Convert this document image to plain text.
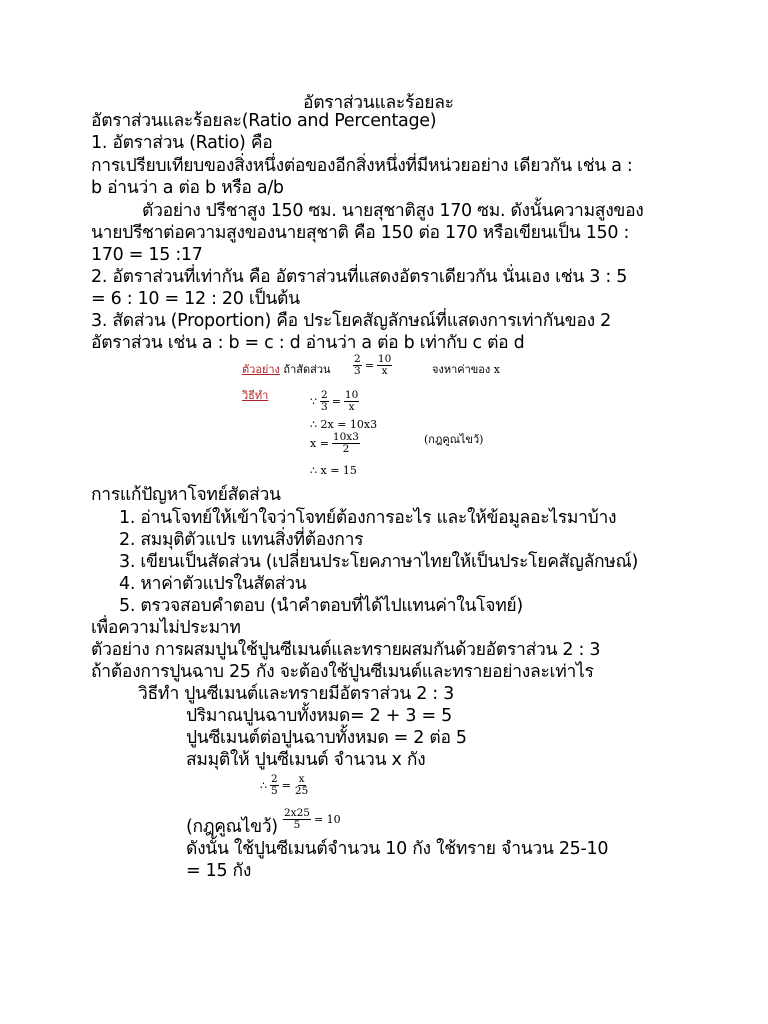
อัตราส่วนและร้อยละ
อัตราส่วนและร้อยละ(Ratio and Percentage)
1. อัตราส่วน (Ratio) คือ
การเปรียบเทียบของสิ่งหนึ่งต่อของอีกสิ่งหนึ่งที่มีหน่วยอย่าง เดียวกัน เช่น a :
b อ่านว่า a ต่อ b หรือ a/b
ตัวอย่าง ปรีชาสูง 150 ซม. นายสุชาติสูง 170 ซม. ดังนั้นความสูงของ
นายปรีชาต่อความสูงของนายสุชาติ คือ 150 ต่อ 170 หรือเขียนเป็น 150 :
170 = 15 :17
2. อัตราส่วนที่เท่ากัน คือ อัตราส่วนที่แสดงอัตราเดียวกัน นั่นเอง เช่น 3 : 5
= 6 : 10 = 12 : 20 เป็นต้น
3. สัดส่วน (Proportion) คือ ประโยคสัญลักษณ์ที่แสดงการเท่ากันของ 2
อัตราส่วน เช่น a : b = c : d อ่านว่า a ต่อ b เท่ากับ c ต่อ d
ตัวอย่าง ถ้าสัดส่วน $\frac{2}{3} = \frac{10}{x}$	จงหาค่าของ x
วิธีทำ	∵ $\frac{2}{3} = \frac{10}{x}$
∴ 2x = 10x3
$x = \frac{10x3}{2}$
∴ x = 15
(กฎคูณไขว้)
การแก้ปัญหาโจทย์สัดส่วน
1. อ่านโจทย์ให้เข้าใจว่าโจทย์ต้องการอะไร และให้ข้อมูลอะไรมาบ้าง
2. สมมุติตัวแปร แทนสิ่งที่ต้องการ
3. เขียนเป็นสัดส่วน (เปลี่ยนประโยคภาษาไทยให้เป็นประโยคสัญลักษณ์)
4. หาค่าตัวแปรในสัดส่วน
5. ตรวจสอบคำตอบ (นำคำตอบที่ได้ไปแทนค่าในโจทย์)
เพื่อความไม่ประมาท
ตัวอย่าง การผสมปูนใช้ปูนซีเมนต์และทรายผสมกันด้วยอัตราส่วน 2 : 3
ถ้าต้องการปูนฉาบ 25 กัง จะต้องใช้ปูนซีเมนต์และทรายอย่างละเท่าไร
วิธีทำ ปูนซีเมนต์และทรายมีอัตราส่วน 2 : 3
ปริมาณปูนฉาบทั้งหมด= 2 + 3 = 5
ปูนซีเมนต์ต่อปูนฉาบทั้งหมด = 2 ต่อ 5
สมมุติให้ ปูนซีเมนต์ จำนวน x กัง
∴ $\frac{2}{5} = \frac{x}{25}$
(กฎคูณไขว้) $\frac{2x25}{5} = 10$
ดังนั้น ใช้ปูนซีเมนต์จำนวน 10 กัง ใช้ทราย จำนวน 25-10
= 15 กัง
